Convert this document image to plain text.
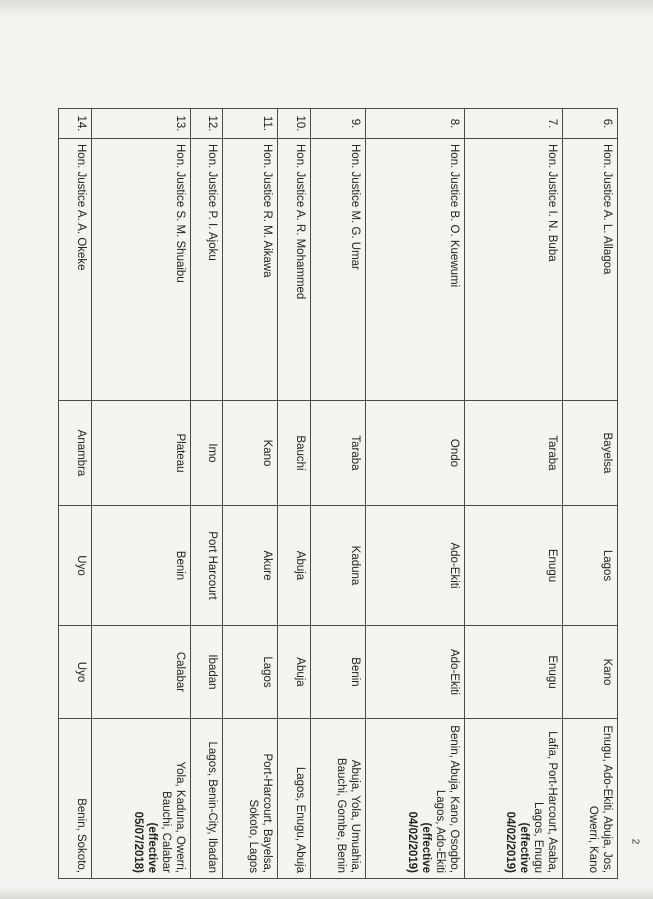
6.	Hon. Justice A. L. Allagoa	Bayelsa	Lagos	Kano	Enugu, Ado-Ekiti, Abuja, Jos, Owerri, Kano
7.	Hon. Justice I. N. Buba	Taraba	Enugu	Enugu	Lafia, Port-Harcourt, Asaba, Lagos, Enugu
(effective
04/02/2019)

8.	Hon. Justice B. O. Kuewumi	Ondo	Ado-Ekiti	Ado-Ekiti	Benin, Abuja, Kano, Osogbo, Lagos, Ado-Ekiti
(effective
04/02/2019)

9.	Hon. Justice M. G. Umar	Taraba	Kaduna	Benin	Abuja, Yola, Umuahia, Bauchi, Gombe, Benin
10.	Hon. Justice A. R. Mohammed	Bauchi	Abuja	Abuja	Lagos, Enugu, Abuja
11.	Hon. Justice R. M. Aikawa	Kano	Akure	Lagos	Port-Harcourt, Bayelsa, Sokoto, Lagos
12.	Hon. Justice P. I. Ajoku	Imo	Port Harcourt	Ibadan	Lagos, Benin-City, Ibadan
13.	Hon. Justice S. M. Shuaibu	Plateau	Benin	Calabar	Yola, Kaduna, Owerri, Bauchi, Calabar
(effective
05/07/2018)

14.	Hon. Justice A. A. Okeke	Anambra	Uyo	Uyo	Benin, Sokoto,	2
